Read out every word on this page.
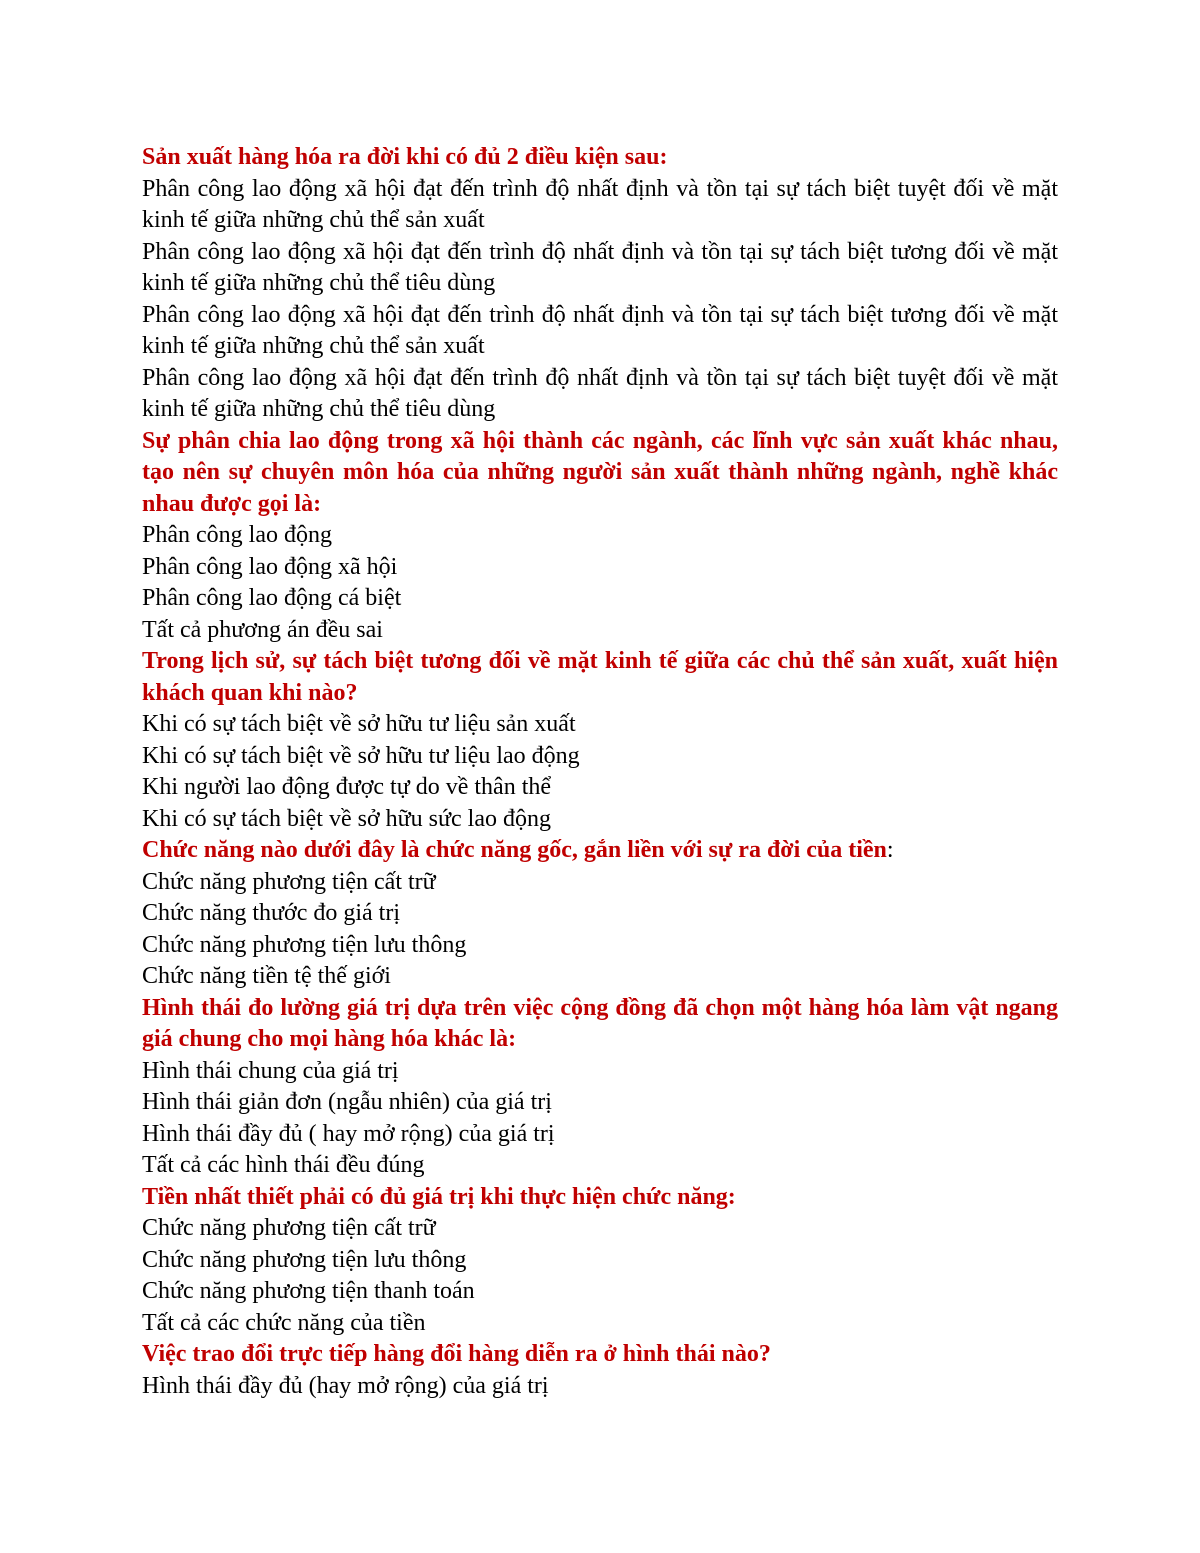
Sản xuất hàng hóa ra đời khi có đủ 2 điều kiện sau:

Phân công lao động xã hội đạt đến trình độ nhất định và tồn tại sự tách biệt tuyệt đối về mặt kinh tế giữa những chủ thể sản xuất

Phân công lao động xã hội đạt đến trình độ nhất định và tồn tại sự tách biệt tương đối về mặt kinh tế giữa những chủ thể tiêu dùng

Phân công lao động xã hội đạt đến trình độ nhất định và tồn tại sự tách biệt tương đối về mặt kinh tế giữa những chủ thể sản xuất

Phân công lao động xã hội đạt đến trình độ nhất định và tồn tại sự tách biệt tuyệt đối về mặt kinh tế giữa những chủ thể tiêu dùng

Sự phân chia lao động trong xã hội thành các ngành, các lĩnh vực sản xuất khác nhau, tạo nên sự chuyên môn hóa của những người sản xuất thành những ngành, nghề khác nhau được gọi là:

Phân công lao động

Phân công lao động xã hội

Phân công lao động cá biệt

Tất cả phương án đều sai

Trong lịch sử, sự tách biệt tương đối về mặt kinh tế giữa các chủ thể sản xuất, xuất hiện khách quan khi nào?

Khi có sự tách biệt về sở hữu tư liệu sản xuất

Khi có sự tách biệt về sở hữu tư liệu lao động

Khi người lao động được tự do về thân thể

Khi có sự tách biệt về sở hữu sức lao động

Chức năng nào dưới đây là chức năng gốc, gắn liền với sự ra đời của tiền:

Chức năng phương tiện cất trữ

Chức năng thước đo giá trị

Chức năng phương tiện lưu thông

Chức năng tiền tệ thế giới

Hình thái đo lường giá trị dựa trên việc cộng đồng đã chọn một hàng hóa làm vật ngang giá chung cho mọi hàng hóa khác là:

Hình thái chung của giá trị

Hình thái giản đơn (ngẫu nhiên) của giá trị

Hình thái đầy đủ ( hay mở rộng) của giá trị

Tất cả các hình thái đều đúng

Tiền nhất thiết phải có đủ giá trị khi thực hiện chức năng:

Chức năng phương tiện cất trữ

Chức năng phương tiện lưu thông

Chức năng phương tiện thanh toán

Tất cả các chức năng của tiền

Việc trao đổi trực tiếp hàng đổi hàng diễn ra ở hình thái nào?

Hình thái đầy đủ (hay mở rộng) của giá trị
